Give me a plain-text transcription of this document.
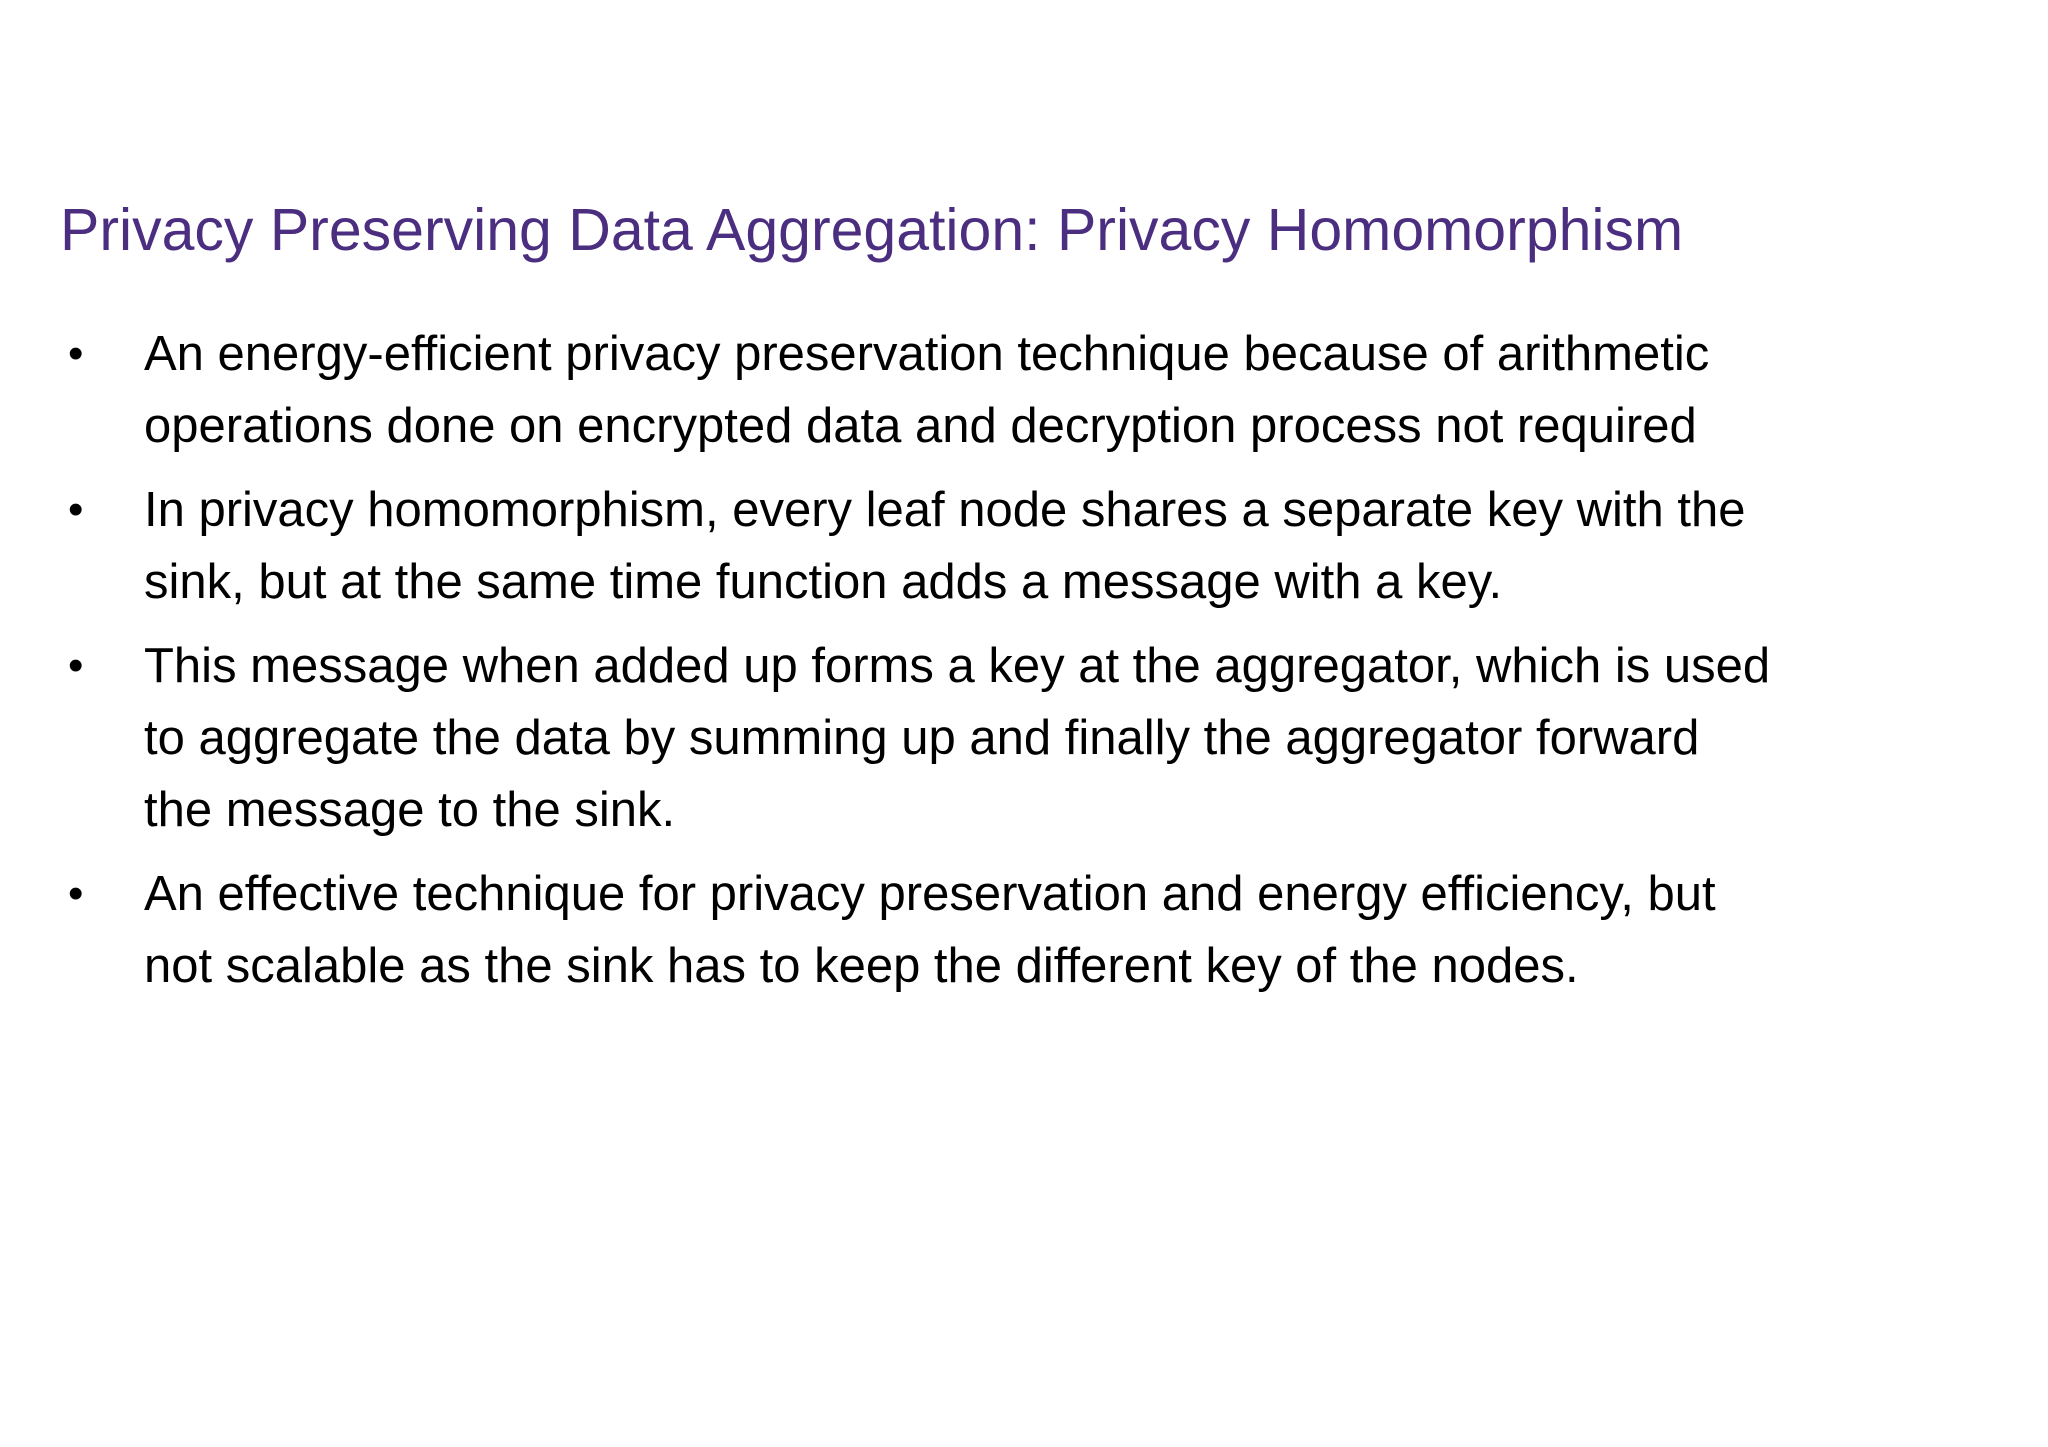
Privacy Preserving Data Aggregation: Privacy Homomorphism
•	An energy-efficient privacy preservation technique because of arithmetic
operations done on encrypted data and decryption process not required
•	In privacy homomorphism, every leaf node shares a separate key with the
sink, but at the same time function adds a message with a key.
•	This message when added up forms a key at the aggregator, which is used
to aggregate the data by summing up and finally the aggregator forward
the message to the sink.
•	An effective technique for privacy preservation and energy efficiency, but
not scalable as the sink has to keep the different key of the nodes.
